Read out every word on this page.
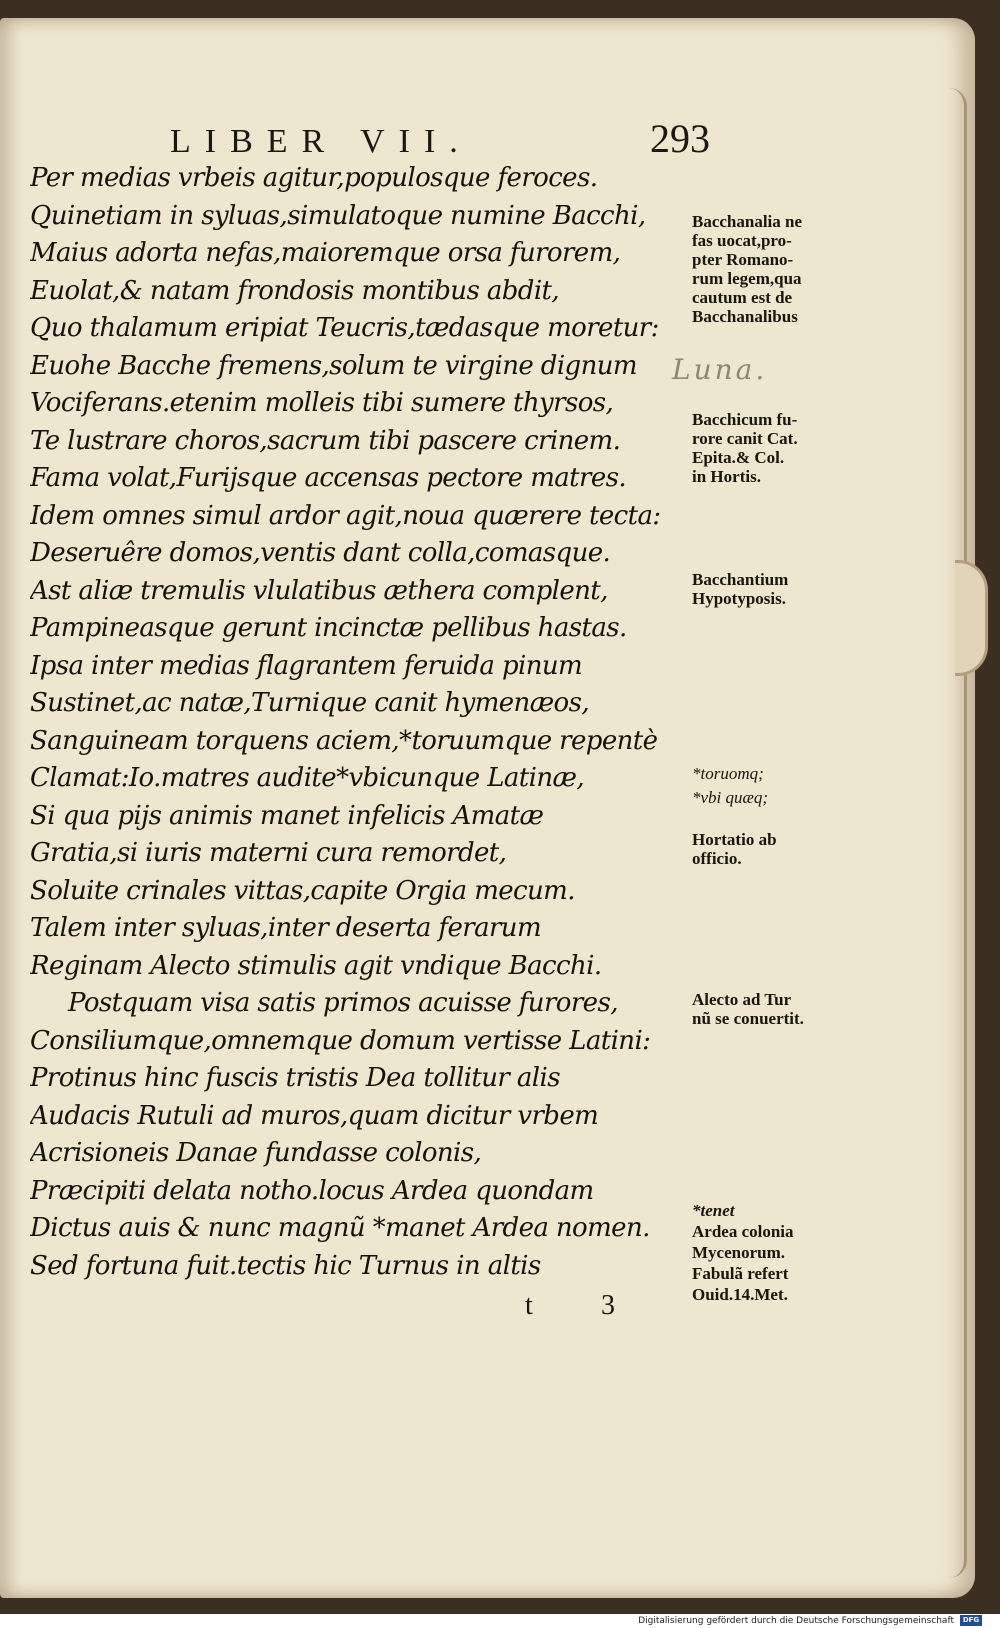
LIBER VII.	293
Per medias vrbeis agitur,populosque feroces.
Quinetiam in syluas,simulatoque numine Bacchi,
Maius adorta nefas,maioremque orsa furorem,
Euolat,& natam frondosis montibus abdit,
Quo thalamum eripiat Teucris,tædasque moretur:
Euohe Bacche fremens,solum te virgine dignum
Vociferans.etenim molleis tibi sumere thyrsos,
Te lustrare choros,sacrum tibi pascere crinem.
Fama volat,Furijsque accensas pectore matres.
Idem omnes simul ardor agit,noua quærere tecta:
Deseruêre domos,ventis dant colla,comasque.
Ast aliæ tremulis vlulatibus æthera complent,
Pampineasque gerunt incinctæ pellibus hastas.
Ipsa inter medias flagrantem feruida pinum
Sustinet,ac natæ,Turnique canit hymenæos,
Sanguineam torquens aciem,*toruumque repentè
Clamat:Io.matres audite*vbicunque Latinæ,
Si qua pijs animis manet infelicis Amatæ
Gratia,si iuris materni cura remordet,
Soluite crinales vittas,capite Orgia mecum.
Talem inter syluas,inter deserta ferarum
Reginam Alecto stimulis agit vndique Bacchi.
Postquam visa satis primos acuisse furores,
Consiliumque,omnemque domum vertisse Latini:
Protinus hinc fuscis tristis Dea tollitur alis
Audacis Rutuli ad muros,quam dicitur vrbem
Acrisioneis Danae fundasse colonis,
Præcipiti delata notho.locus Ardea quondam
Dictus auis & nunc magnũ *manet Ardea nomen.
Sed fortuna fuit.tectis hic Turnus in altis
Bacchanalia ne
fas uocat,pro-
pter Romano-
rum legem,qua
cautum est de
Bacchanalibus
Luna.
Bacchicum fu-
rore canit Cat.
Epita.& Col.
in Hortis.
Bacchantium
Hypotyposis.
*toruomq;
*vbi quæq;
Hortatio ab
officio.
Alecto ad Tur
nũ se conuertit.
*tenet
Ardea colonia
Mycenorum.
Fabulã refert
Ouid.14.Met.
t 3
Digitalisierung gefördert durch die Deutsche Forschungsgemeinschaft	DFG
